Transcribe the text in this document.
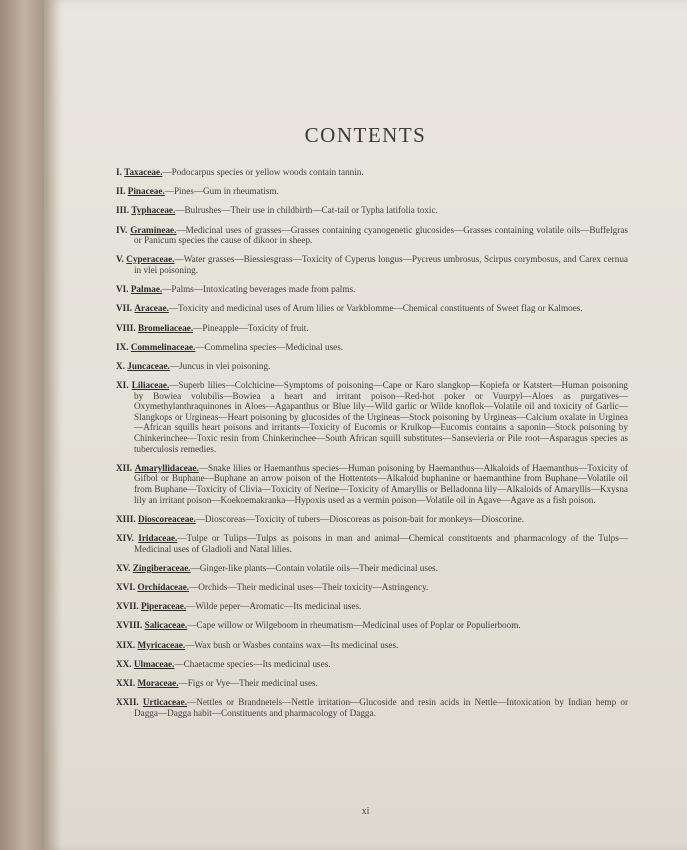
CONTENTS
I. Taxaceae.—Podocarpus species or yellow woods contain tannin.
II. Pinaceae.—Pines—Gum in rheumatism.
III. Typhaceae.—Bulrushes—Their use in childbirth—Cat-tail or Typha latifolia toxic.
IV. Gramineae.—Medicinal uses of grasses—Grasses containing cyanogenetic glucosides—Grasses containing volatile oils—Buffelgras or Panicum species the cause of dikoor in sheep.
V. Cyperaceae.—Water grasses—Biessiesgrass—Toxicity of Cyperus longus—Pycreus umbrosus, Scirpus corymbosus, and Carex cernua in vlei poisoning.
VI. Palmae.—Palms—Intoxicating beverages made from palms.
VII. Araceae.—Toxicity and medicinal uses of Arum lilies or Varkblomme—Chemical constituents of Sweet flag or Kalmoes.
VIII. Bromeliaceae.—Pineapple—Toxicity of fruit.
IX. Commelinaceae.—Commelina species—Medicinal uses.
X. Juncaceae.—Juncus in vlei poisoning.
XI. Liliaceae.—Superb lilies—Colchicine—Symptoms of poisoning—Cape or Karo slangkop—Kopiefa or Katstert—Human poisoning by Bowiea volubilis—Bowiea a heart and irritant poison—Red-hot poker or Vuurpyl—Aloes as purgatives—Oxymethylanthraquinones in Aloes—Agapanthus or Blue lily—Wild garlic or Wilde knoflok—Volatile oil and toxicity of Garlic—Slangkops or Urgineas—Heart poisoning by glucosides of the Urgineas—Stock poisoning by Urgineas—Calcium oxalate in Urginea—African squills heart poisons and irritants—Toxicity of Eucomis or Krulkop—Eucomis contains a saponin—Stock poisoning by Chinkerinchee—Toxic resin from Chinkerinchee—South African squill substitutes—Sansevieria or Pile root—Asparagus species as tuberculosis remedies.
XII. Amaryllidaceae.—Snake lilies or Haemanthus species—Human poisoning by Haemanthus—Alkaloids of Haemanthus—Toxicity of Gifbol or Buphane—Buphane an arrow poison of the Hottentots—Alkaloid buphanine or haemanthine from Buphane—Volatile oil from Buphane—Toxicity of Clivia—Toxicity of Nerine—Toxicity of Amaryllis or Belladonna lily—Alkaloids of Amaryllis—Kxysna lily an irritant poison—Koekoemakranka—Hypoxis used as a vermin poison—Volatile oil in Agave—Agave as a fish poison.
XIII. Dioscoreaceae.—Dioscoreas—Toxicity of tubers—Dioscoreas as poison-bait for monkeys—Dioscorine.
XIV. Iridaceae.—Tulpe or Tulips—Tulps as poisons in man and animal—Chemical constituents and pharmacology of the Tulps—Medicinal uses of Gladioli and Natal lilies.
XV. Zingiberaceae.—Ginger-like plants—Contain volatile oils—Their medicinal uses.
XVI. Orchidaceae.—Orchids—Their medicinal uses—Their toxicity—Astringency.
XVII. Piperaceae.—Wilde peper—Aromatic—Its medicinal uses.
XVIII. Salicaceae.—Cape willow or Wilgeboom in rheumatism—Medicinal uses of Poplar or Populierboom.
XIX. Myricaceae.—Wax bush or Wasbes contains wax—Its medicinal uses.
XX. Ulmaceae.—Chaetacme species—Its medicinal uses.
XXI. Moraceae.—Figs or Vye—Their medicinal uses.
XXII. Urticaceae.—Nettles or Brandnetels—Nettle irritation—Glucoside and resin acids in Nettle—Intoxication by Indian hemp or Dagga—Dagga habit—Constituents and pharmacology of Dagga.
xi
